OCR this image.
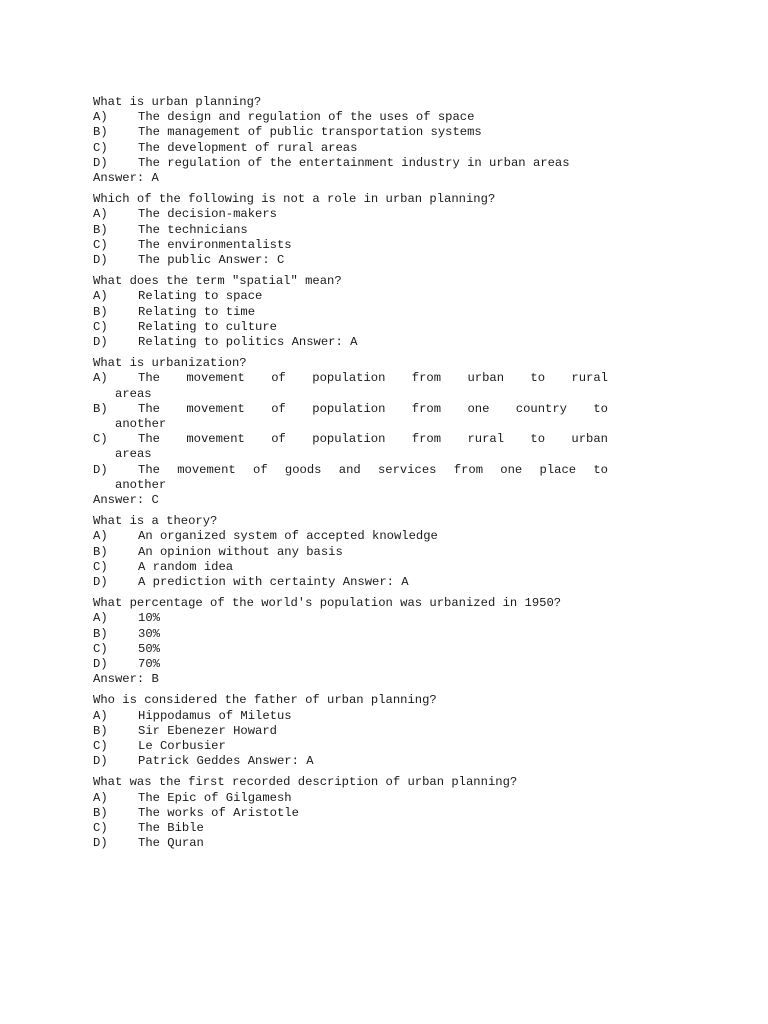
What is urban planning?
A)	The design and regulation of the uses of space
B)	The management of public transportation systems
C)	The development of rural areas
D)	The regulation of the entertainment industry in urban areas
Answer: A
Which of the following is not a role in urban planning?
A)	The decision-makers
B)	The technicians
C)	The environmentalists
D)	The public Answer: C
What does the term "spatial" mean?
A)	Relating to space
B)	Relating to time
C)	Relating to culture
D)	Relating to politics Answer: A
What is urbanization?
A)	The movement of population from urban to rural
areas
B)	The movement of population from one country to
another
C)	The movement of population from rural to urban
areas
D)	The movement of goods and services from one place to
another
Answer: C
What is a theory?
A)	An organized system of accepted knowledge
B)	An opinion without any basis
C)	A random idea
D)	A prediction with certainty Answer: A
What percentage of the world's population was urbanized in 1950?
A)	10%
B)	30%
C)	50%
D)	70%
Answer: B
Who is considered the father of urban planning?
A)	Hippodamus of Miletus
B)	Sir Ebenezer Howard
C)	Le Corbusier
D)	Patrick Geddes Answer: A
What was the first recorded description of urban planning?
A)	The Epic of Gilgamesh
B)	The works of Aristotle
C)	The Bible
D)	The Quran
